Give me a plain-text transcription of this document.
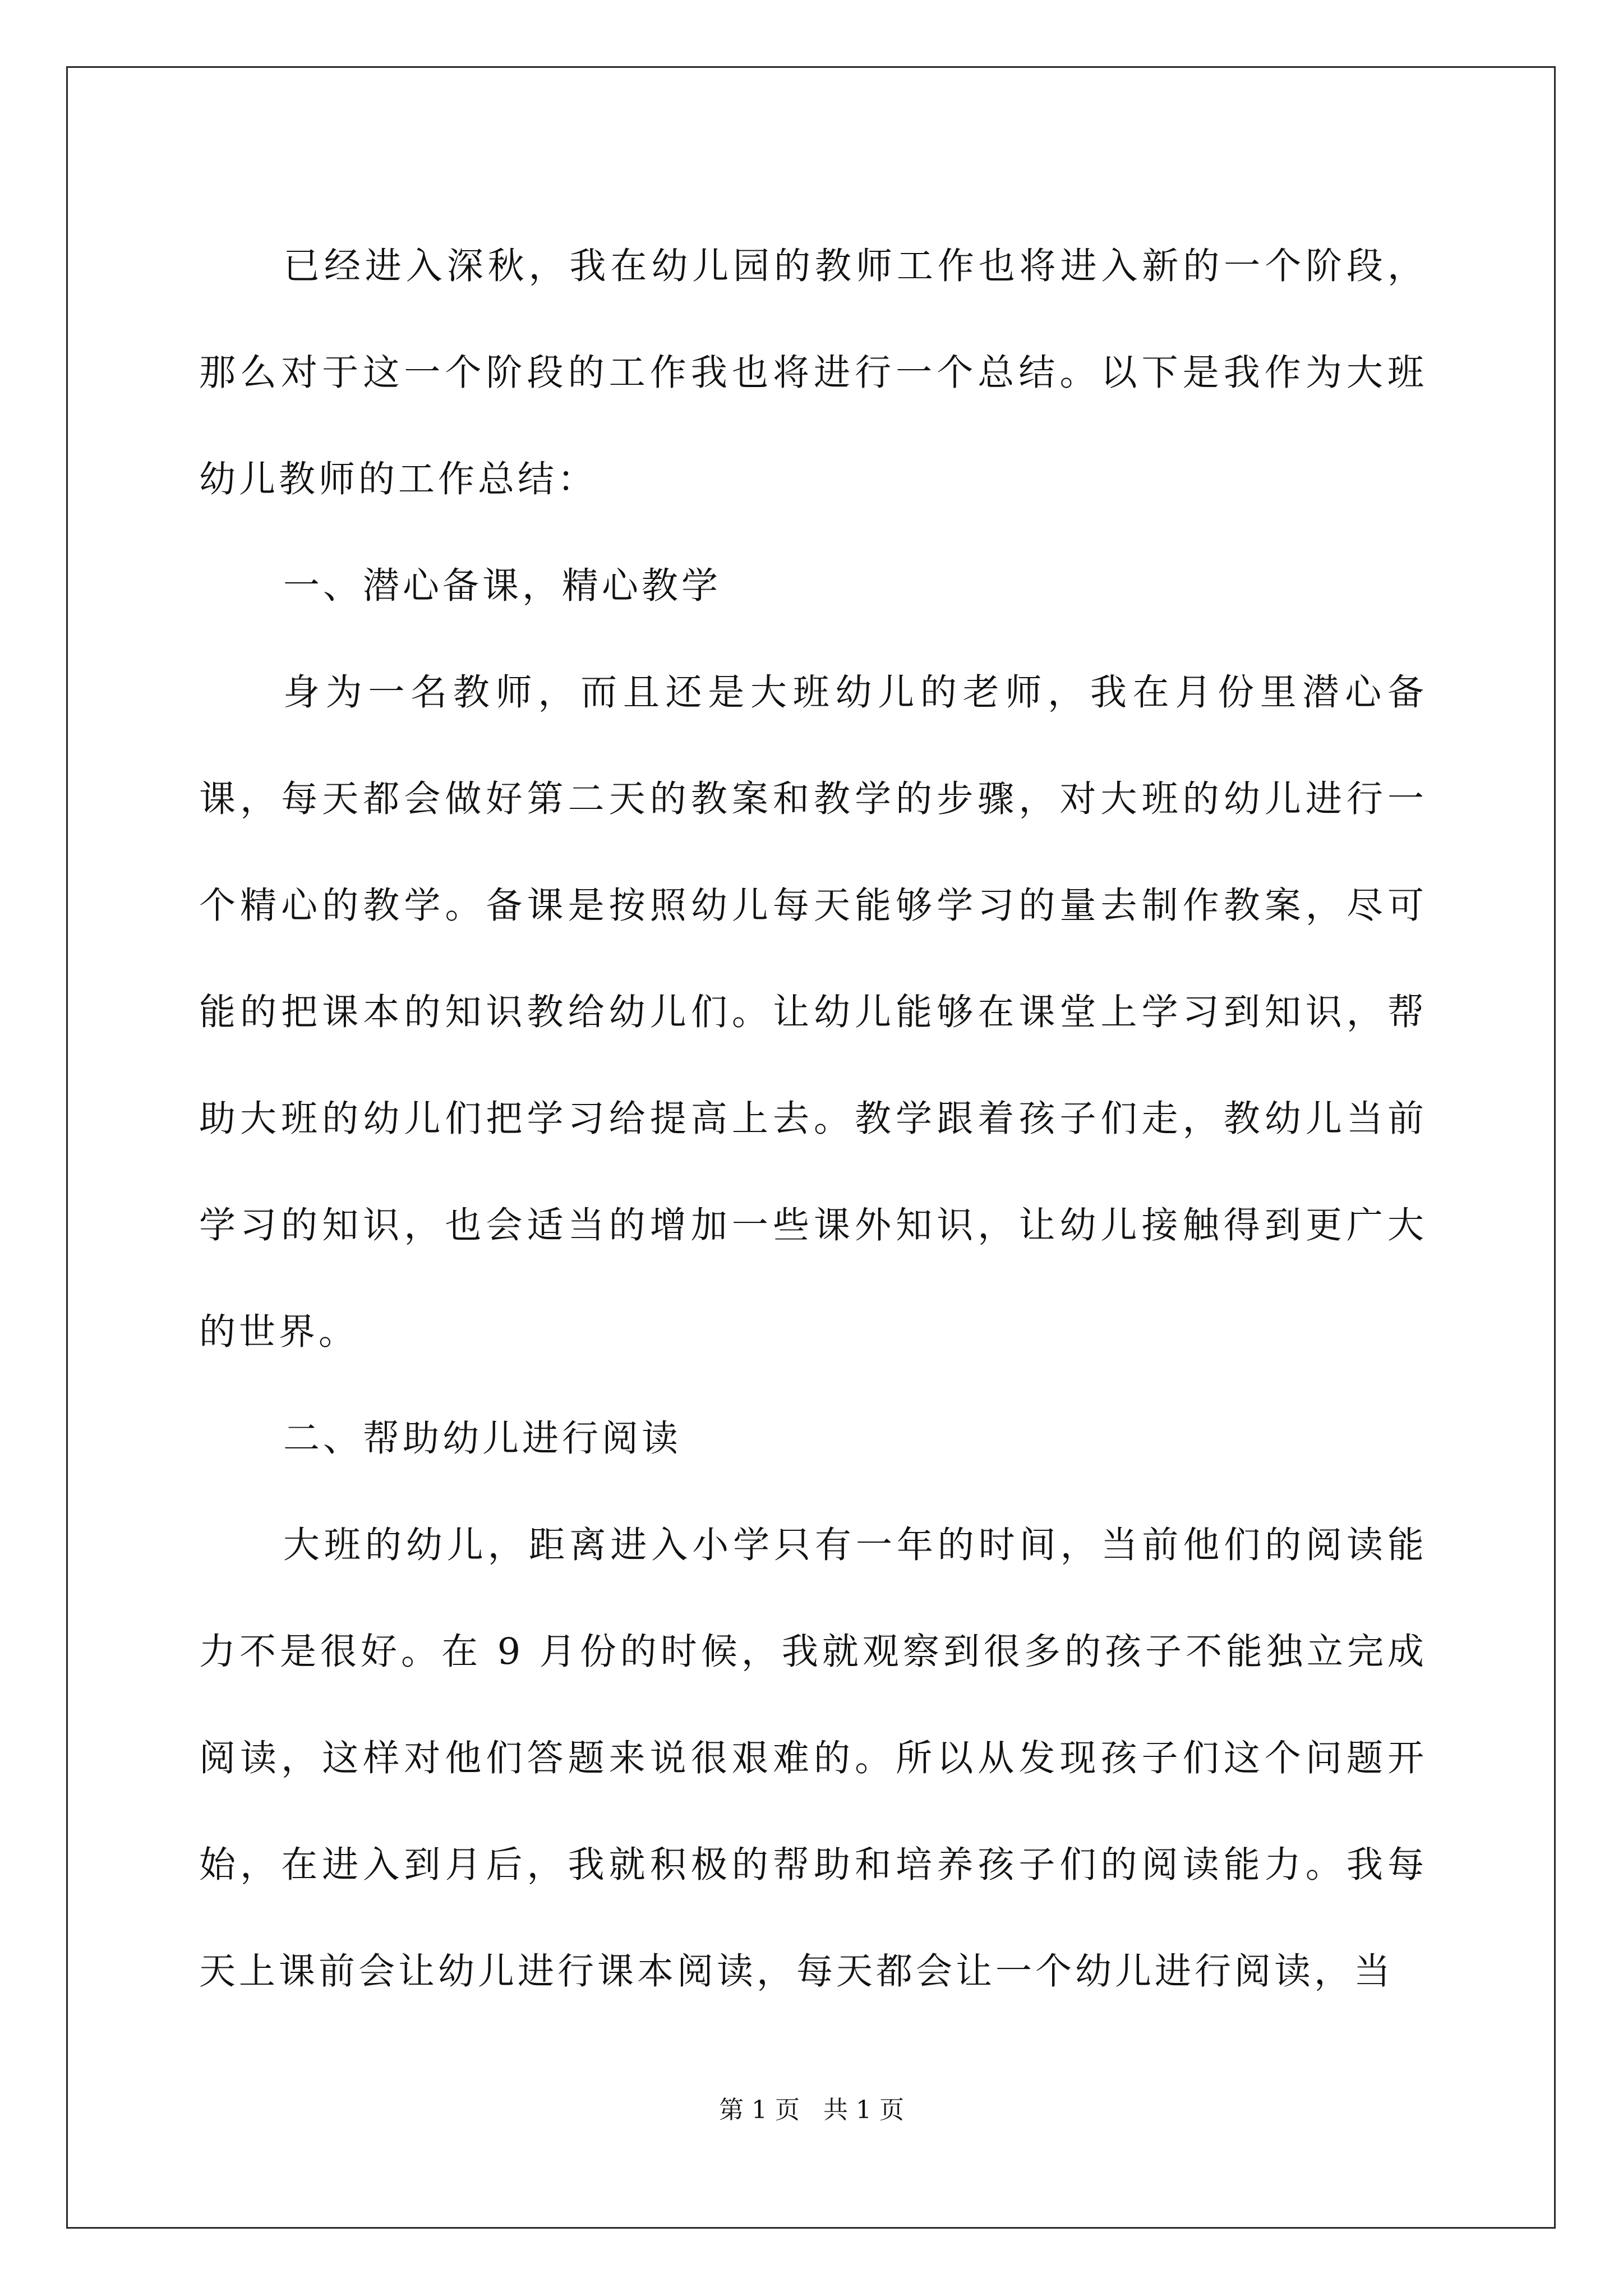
已经进入深秋，我在幼儿园的教师工作也将进入新的一个阶段，那么对于这一个阶段的工作我也将进行一个总结。以下是我作为大班幼儿教师的工作总结：

一、潜心备课，精心教学

身为一名教师，而且还是大班幼儿的老师，我在月份里潜心备课，每天都会做好第二天的教案和教学的步骤，对大班的幼儿进行一个精心的教学。备课是按照幼儿每天能够学习的量去制作教案，尽可能的把课本的知识教给幼儿们。让幼儿能够在课堂上学习到知识，帮助大班的幼儿们把学习给提高上去。教学跟着孩子们走，教幼儿当前学习的知识，也会适当的增加一些课外知识，让幼儿接触得到更广大的世界。

二、帮助幼儿进行阅读

大班的幼儿，距离进入小学只有一年的时间，当前他们的阅读能力不是很好。在 9 月份的时候，我就观察到很多的孩子不能独立完成阅读，这样对他们答题来说很艰难的。所以从发现孩子们这个问题开始，在进入到月后，我就积极的帮助和培养孩子们的阅读能力。我每天上课前会让幼儿进行课本阅读，每天都会让一个幼儿进行阅读，当

第 1 页   共 1 页
